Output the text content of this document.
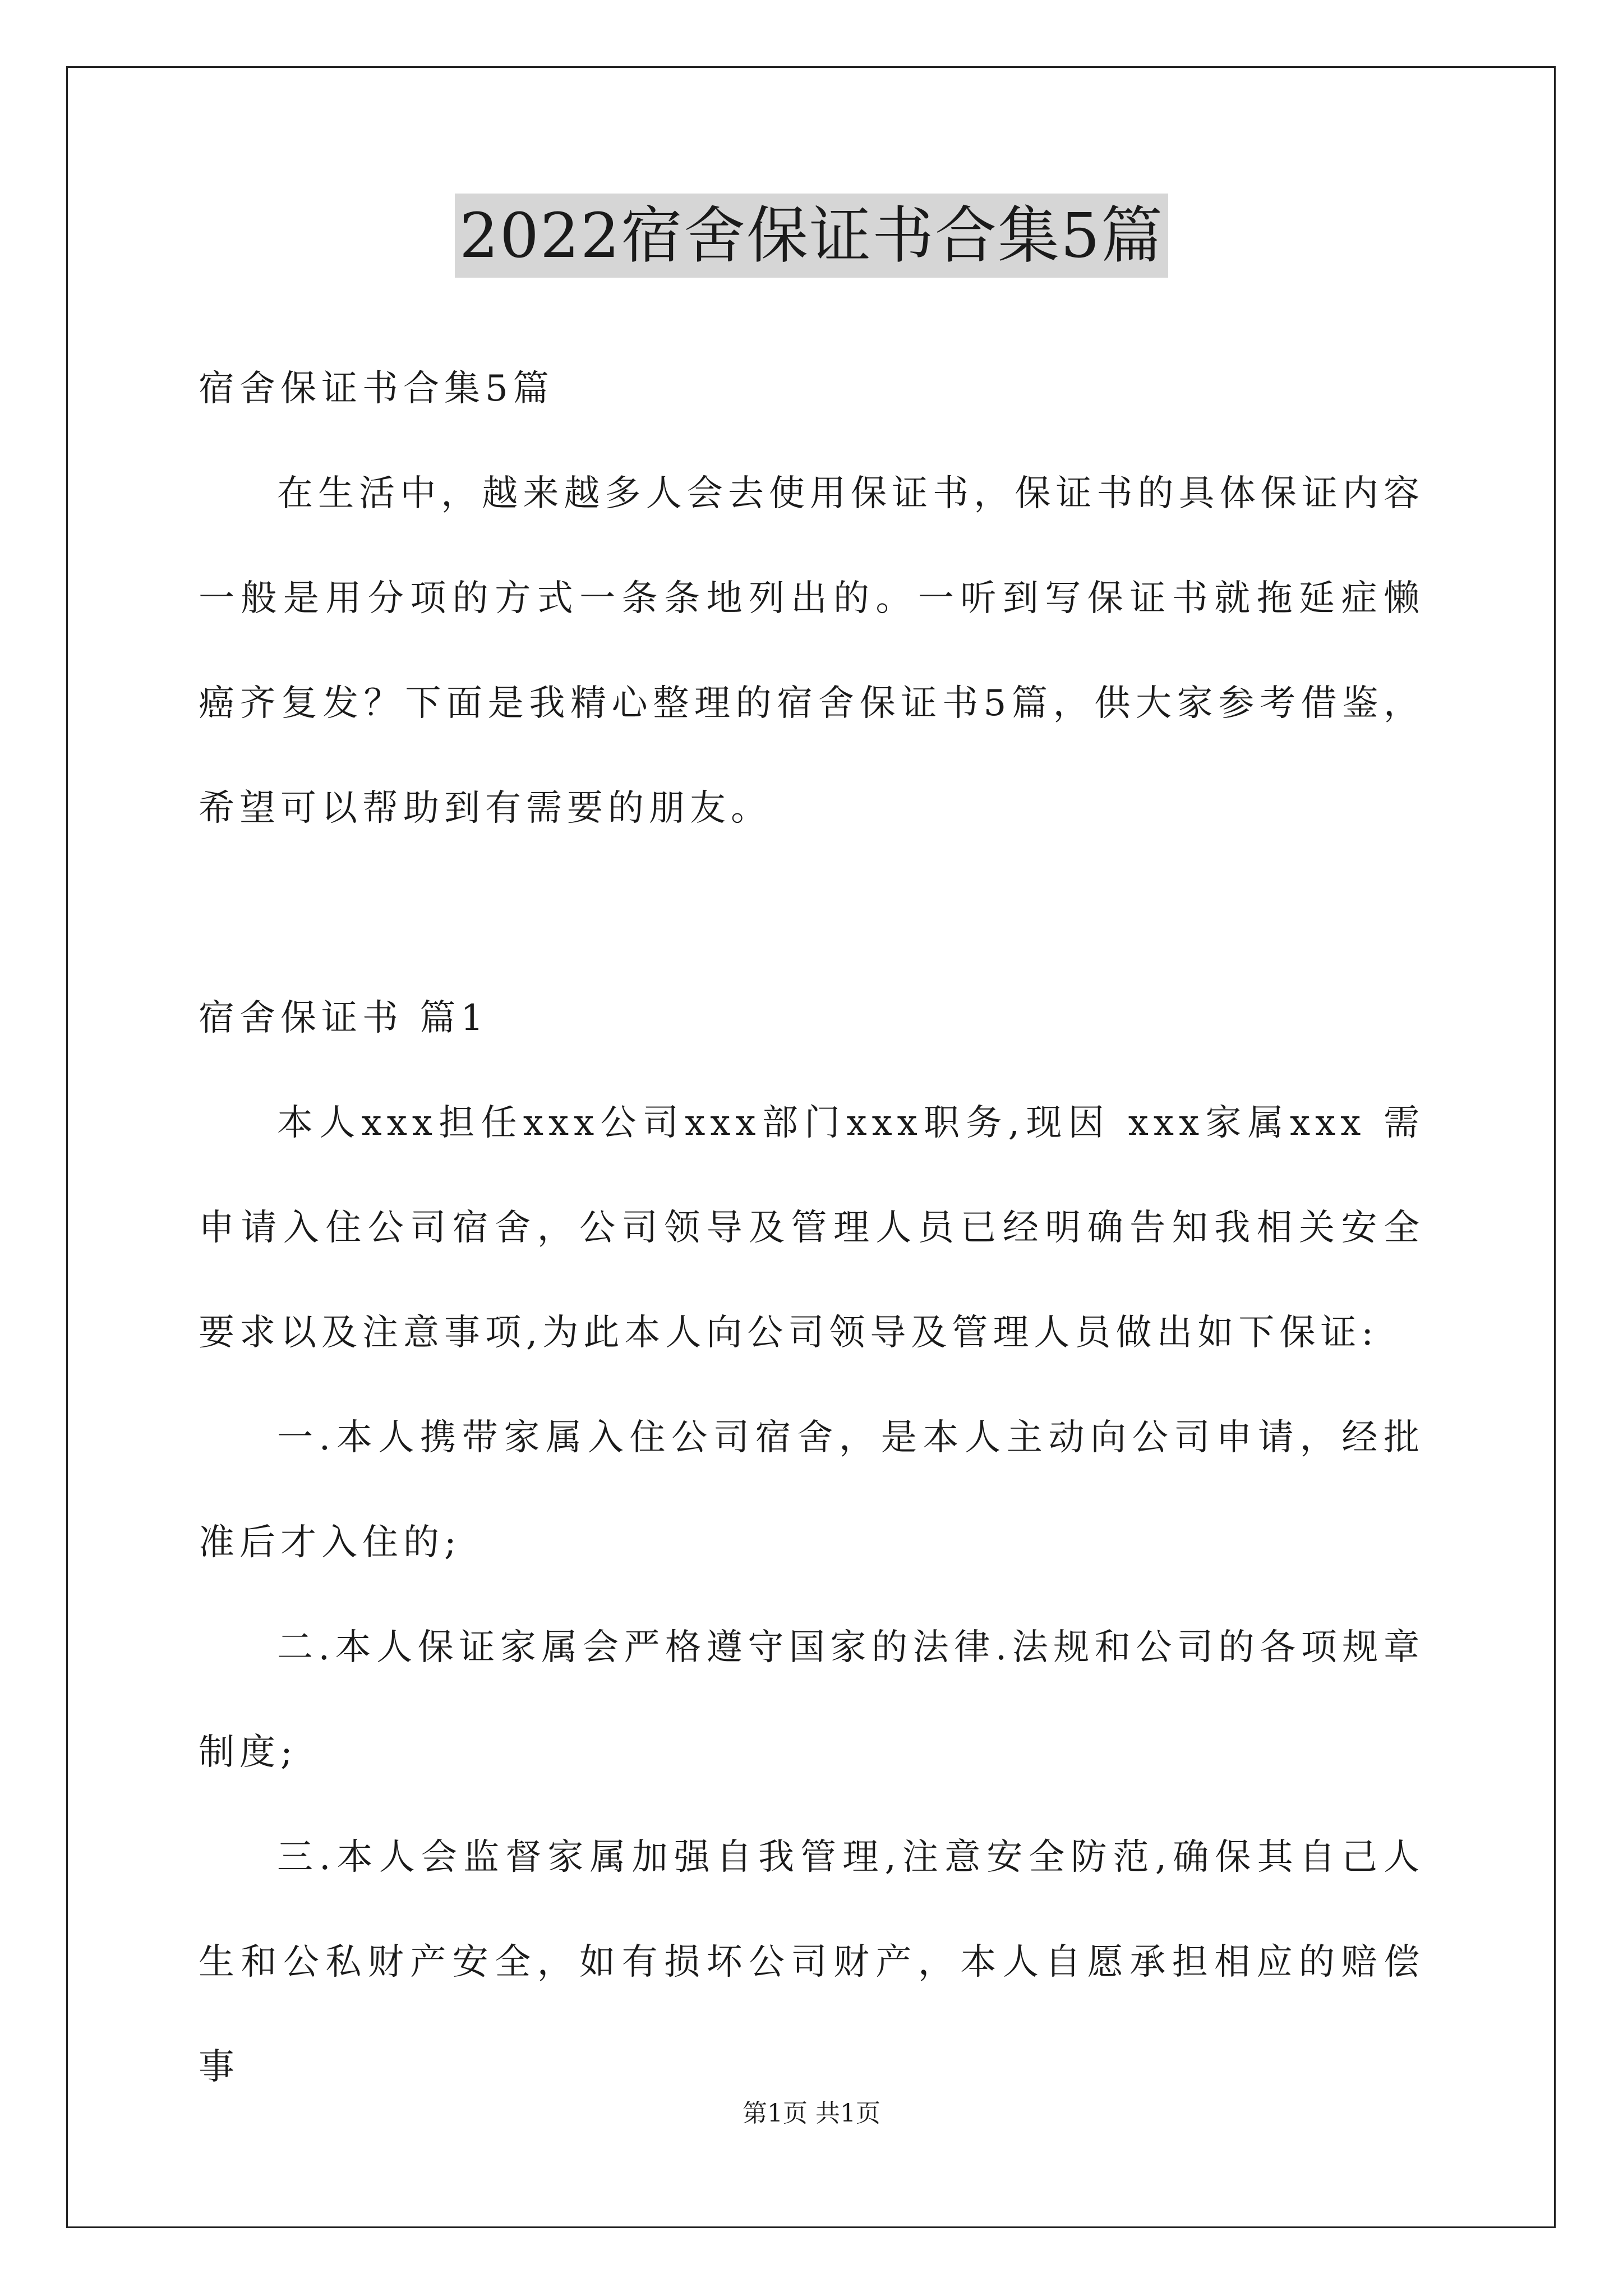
2022宿舍保证书合集5篇

宿舍保证书合集5篇

在生活中，越来越多人会去使用保证书，保证书的具体保证内容一般是用分项的方式一条条地列出的。一听到写保证书就拖延症懒癌齐复发？下面是我精心整理的宿舍保证书5篇，供大家参考借鉴，希望可以帮助到有需要的朋友。

宿舍保证书 篇1

本人xxx担任xxx公司xxx部门xxx职务,现因 xxx家属xxx 需申请入住公司宿舍，公司领导及管理人员已经明确告知我相关安全要求以及注意事项,为此本人向公司领导及管理人员做出如下保证:

一.本人携带家属入住公司宿舍，是本人主动向公司申请，经批准后才入住的;

二.本人保证家属会严格遵守国家的法律.法规和公司的各项规章制度;

三.本人会监督家属加强自我管理,注意安全防范,确保其自己人生和公私财产安全，如有损坏公司财产，本人自愿承担相应的赔偿事

第1页 共1页
